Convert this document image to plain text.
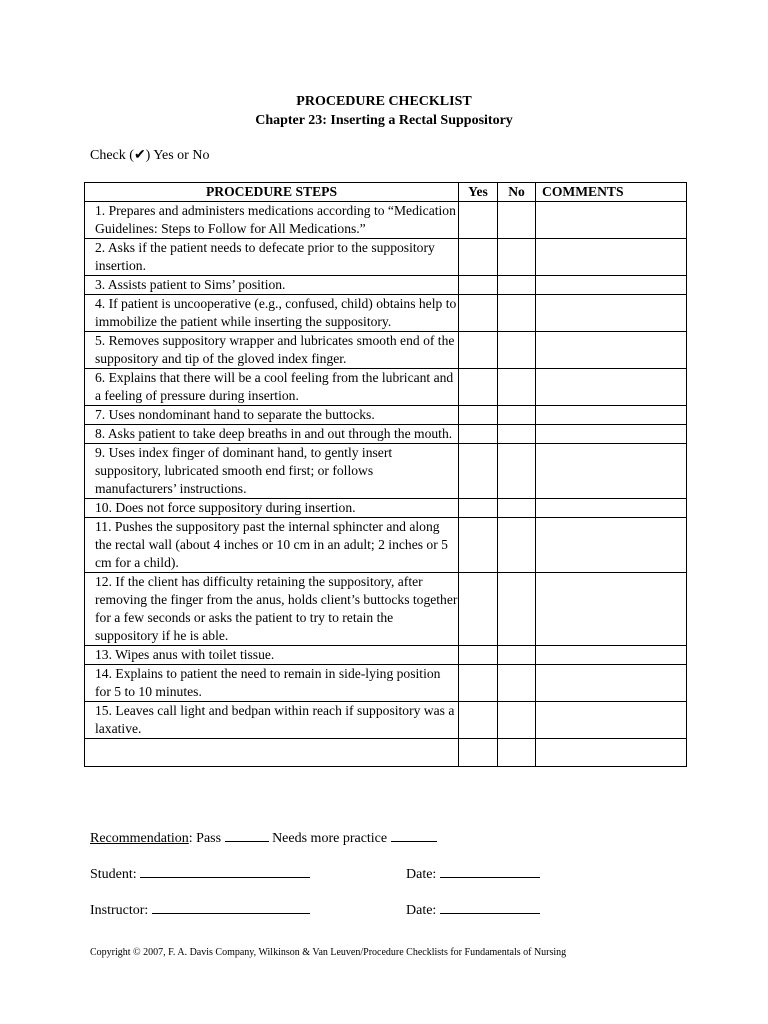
PROCEDURE CHECKLIST
Chapter 23: Inserting a Rectal Suppository
Check (✔) Yes or No
PROCEDURE STEPS	Yes	No	COMMENTS
1. Prepares and administers medications according to “Medication Guidelines: Steps to Follow for All Medications.”			
2. Asks if the patient needs to defecate prior to the suppository insertion.			
3. Assists patient to Sims’ position.			
4. If patient is uncooperative (e.g., confused, child) obtains help to immobilize the patient while inserting the suppository.			
5. Removes suppository wrapper and lubricates smooth end of the suppository and tip of the gloved index finger.			
6. Explains that there will be a cool feeling from the lubricant and a feeling of pressure during insertion.			
7. Uses nondominant hand to separate the buttocks.			
8. Asks patient to take deep breaths in and out through the mouth.			
9. Uses index finger of dominant hand, to gently insert suppository, lubricated smooth end first; or follows manufacturers’ instructions.			
10. Does not force suppository during insertion.			
11. Pushes the suppository past the internal sphincter and along the rectal wall (about 4 inches or 10 cm in an adult; 2 inches or 5 cm for a child).			
12. If the client has difficulty retaining the suppository, after removing the finger from the anus, holds client’s buttocks together for a few seconds or asks the patient to try to retain the suppository if he is able.			
13. Wipes anus with toilet tissue.			
14. Explains to patient the need to remain in side-lying position for 5 to 10 minutes.			
15. Leaves call light and bedpan within reach if suppository was a laxative.			

Recommendation: Pass	Needs more practice
Student:	Date:
Instructor:	Date:
Copyright © 2007, F. A. Davis Company, Wilkinson & Van Leuven/Procedure Checklists for Fundamentals of Nursing
